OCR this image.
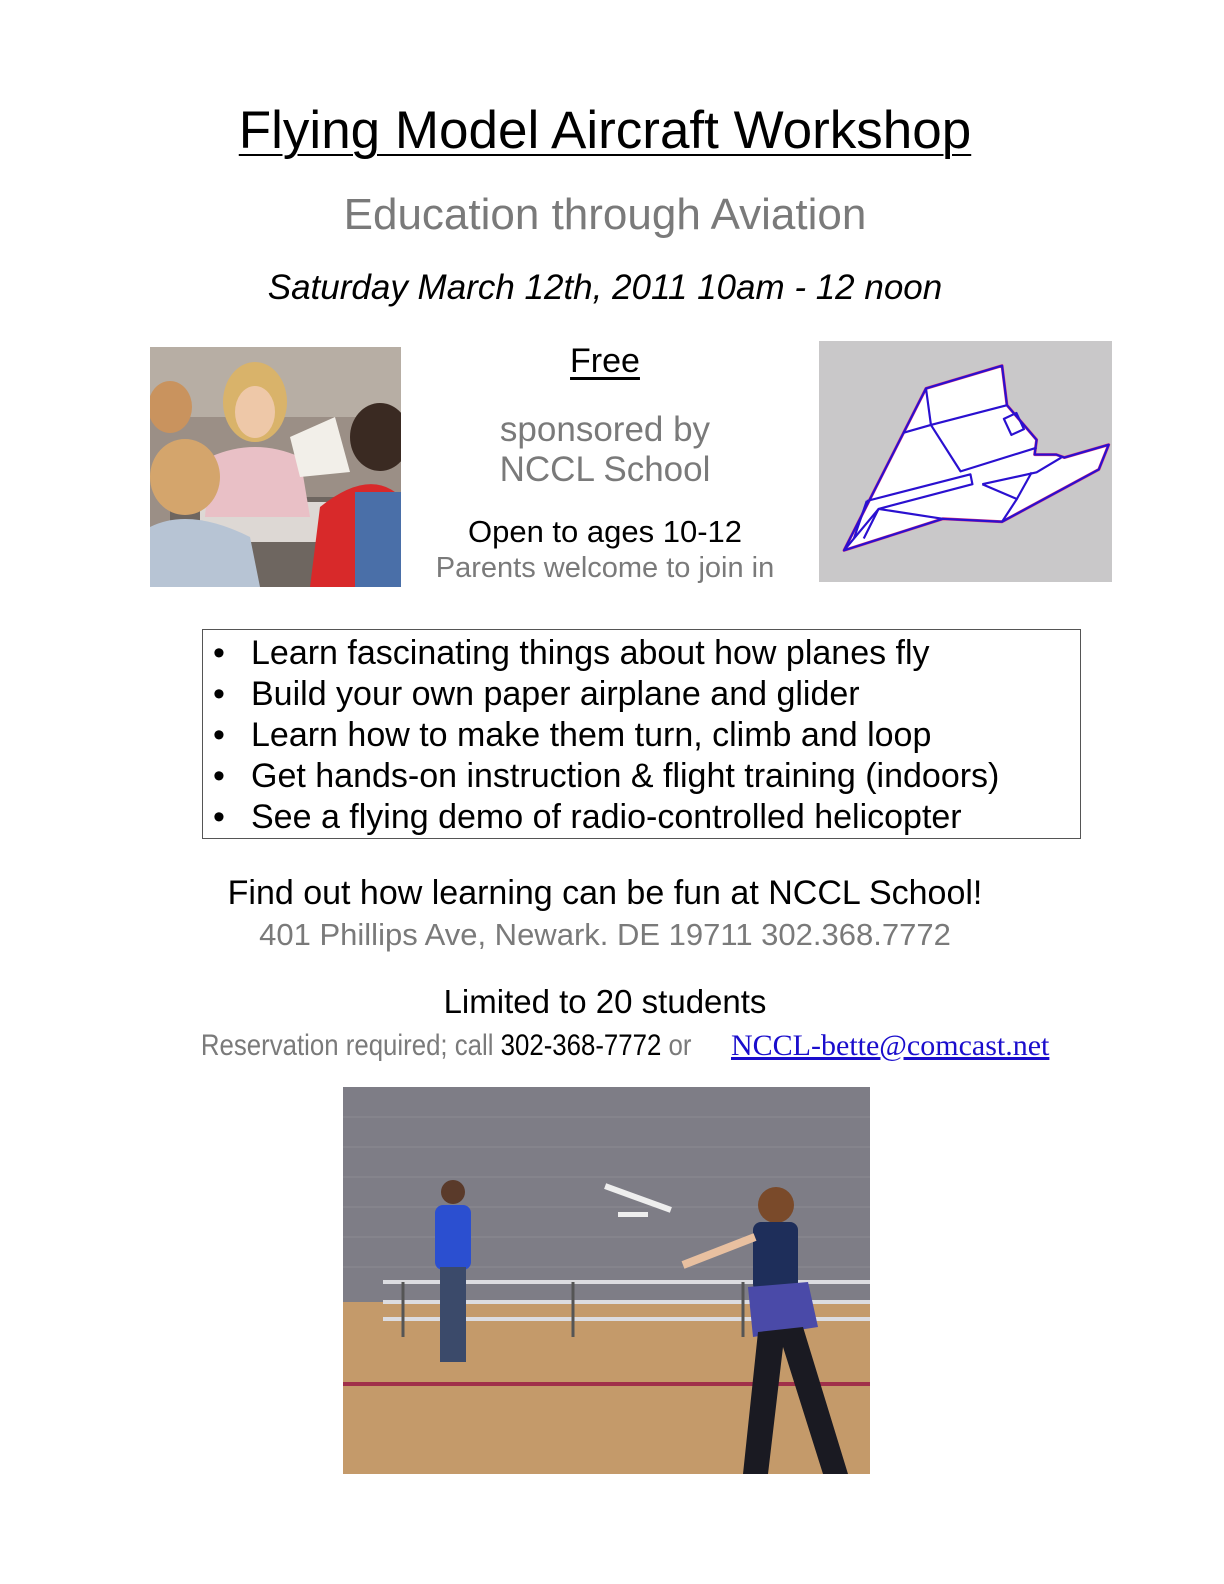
Flying Model Aircraft Workshop
Education through Aviation
Saturday March 12th, 2011 10am - 12 noon
Free
sponsored by
NCCL School
Open to ages 10-12
Parents welcome to join in
• Learn fascinating things about how planes fly
• Build your own paper airplane and glider
• Learn how to make them turn, climb and loop
• Get hands-on instruction & flight training (indoors)
• See a flying demo of radio-controlled helicopter
Find out how learning can be fun at NCCL School!
401 Phillips Ave, Newark. DE 19711 302.368.7772
Limited to 20 students
Reservation required; call 302-368-7772 or NCCL-bette@comcast.net
